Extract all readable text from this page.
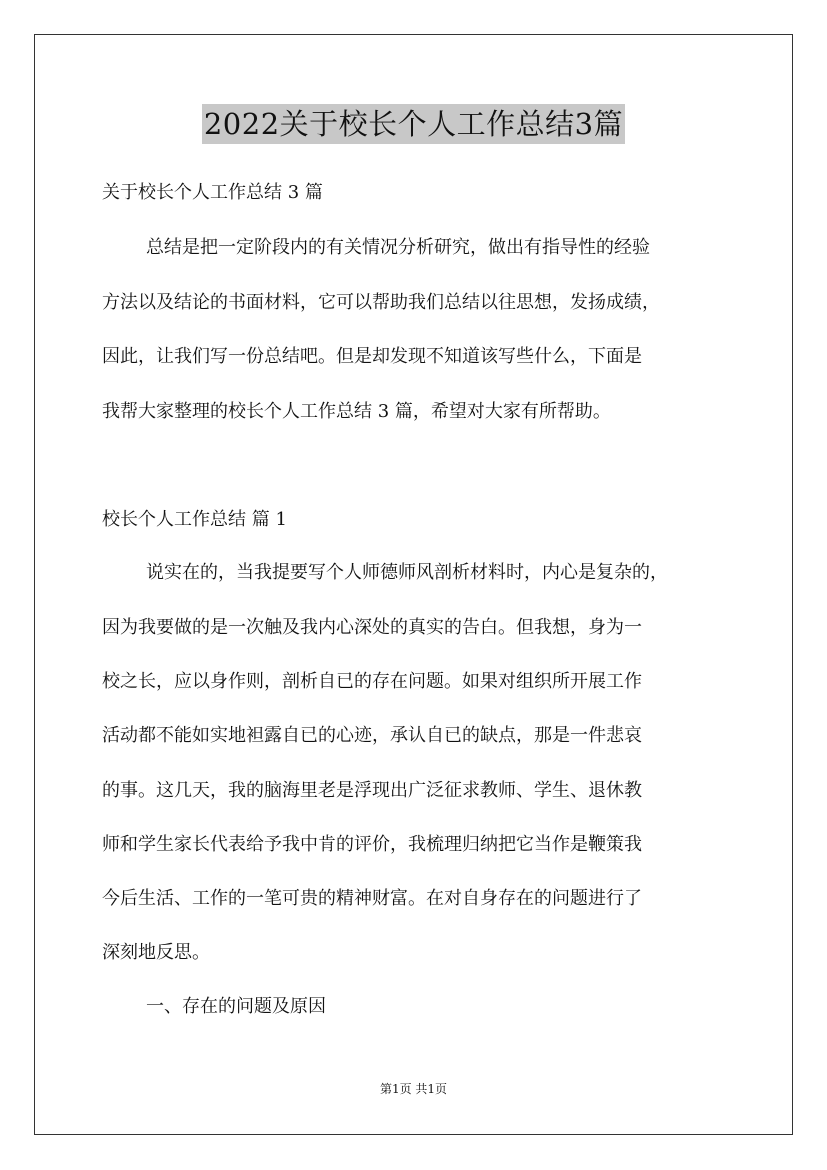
2022关于校长个人工作总结3篇

关于校长个人工作总结 3 篇

总结是把一定阶段内的有关情况分析研究，做出有指导性的经验

方法以及结论的书面材料，它可以帮助我们总结以往思想，发扬成绩，

因此，让我们写一份总结吧。但是却发现不知道该写些什么，下面是

我帮大家整理的校长个人工作总结 3 篇，希望对大家有所帮助。

校长个人工作总结 篇 1

说实在的，当我提要写个人师德师风剖析材料时，内心是复杂的，

因为我要做的是一次触及我内心深处的真实的告白。但我想，身为一

校之长，应以身作则，剖析自已的存在问题。如果对组织所开展工作

活动都不能如实地袒露自已的心迹，承认自已的缺点，那是一件悲哀

的事。这几天，我的脑海里老是浮现出广泛征求教师、学生、退休教

师和学生家长代表给予我中肯的评价，我梳理归纳把它当作是鞭策我

今后生活、工作的一笔可贵的精神财富。在对自身存在的问题进行了

深刻地反思。

一、存在的问题及原因

第1页 共1页
